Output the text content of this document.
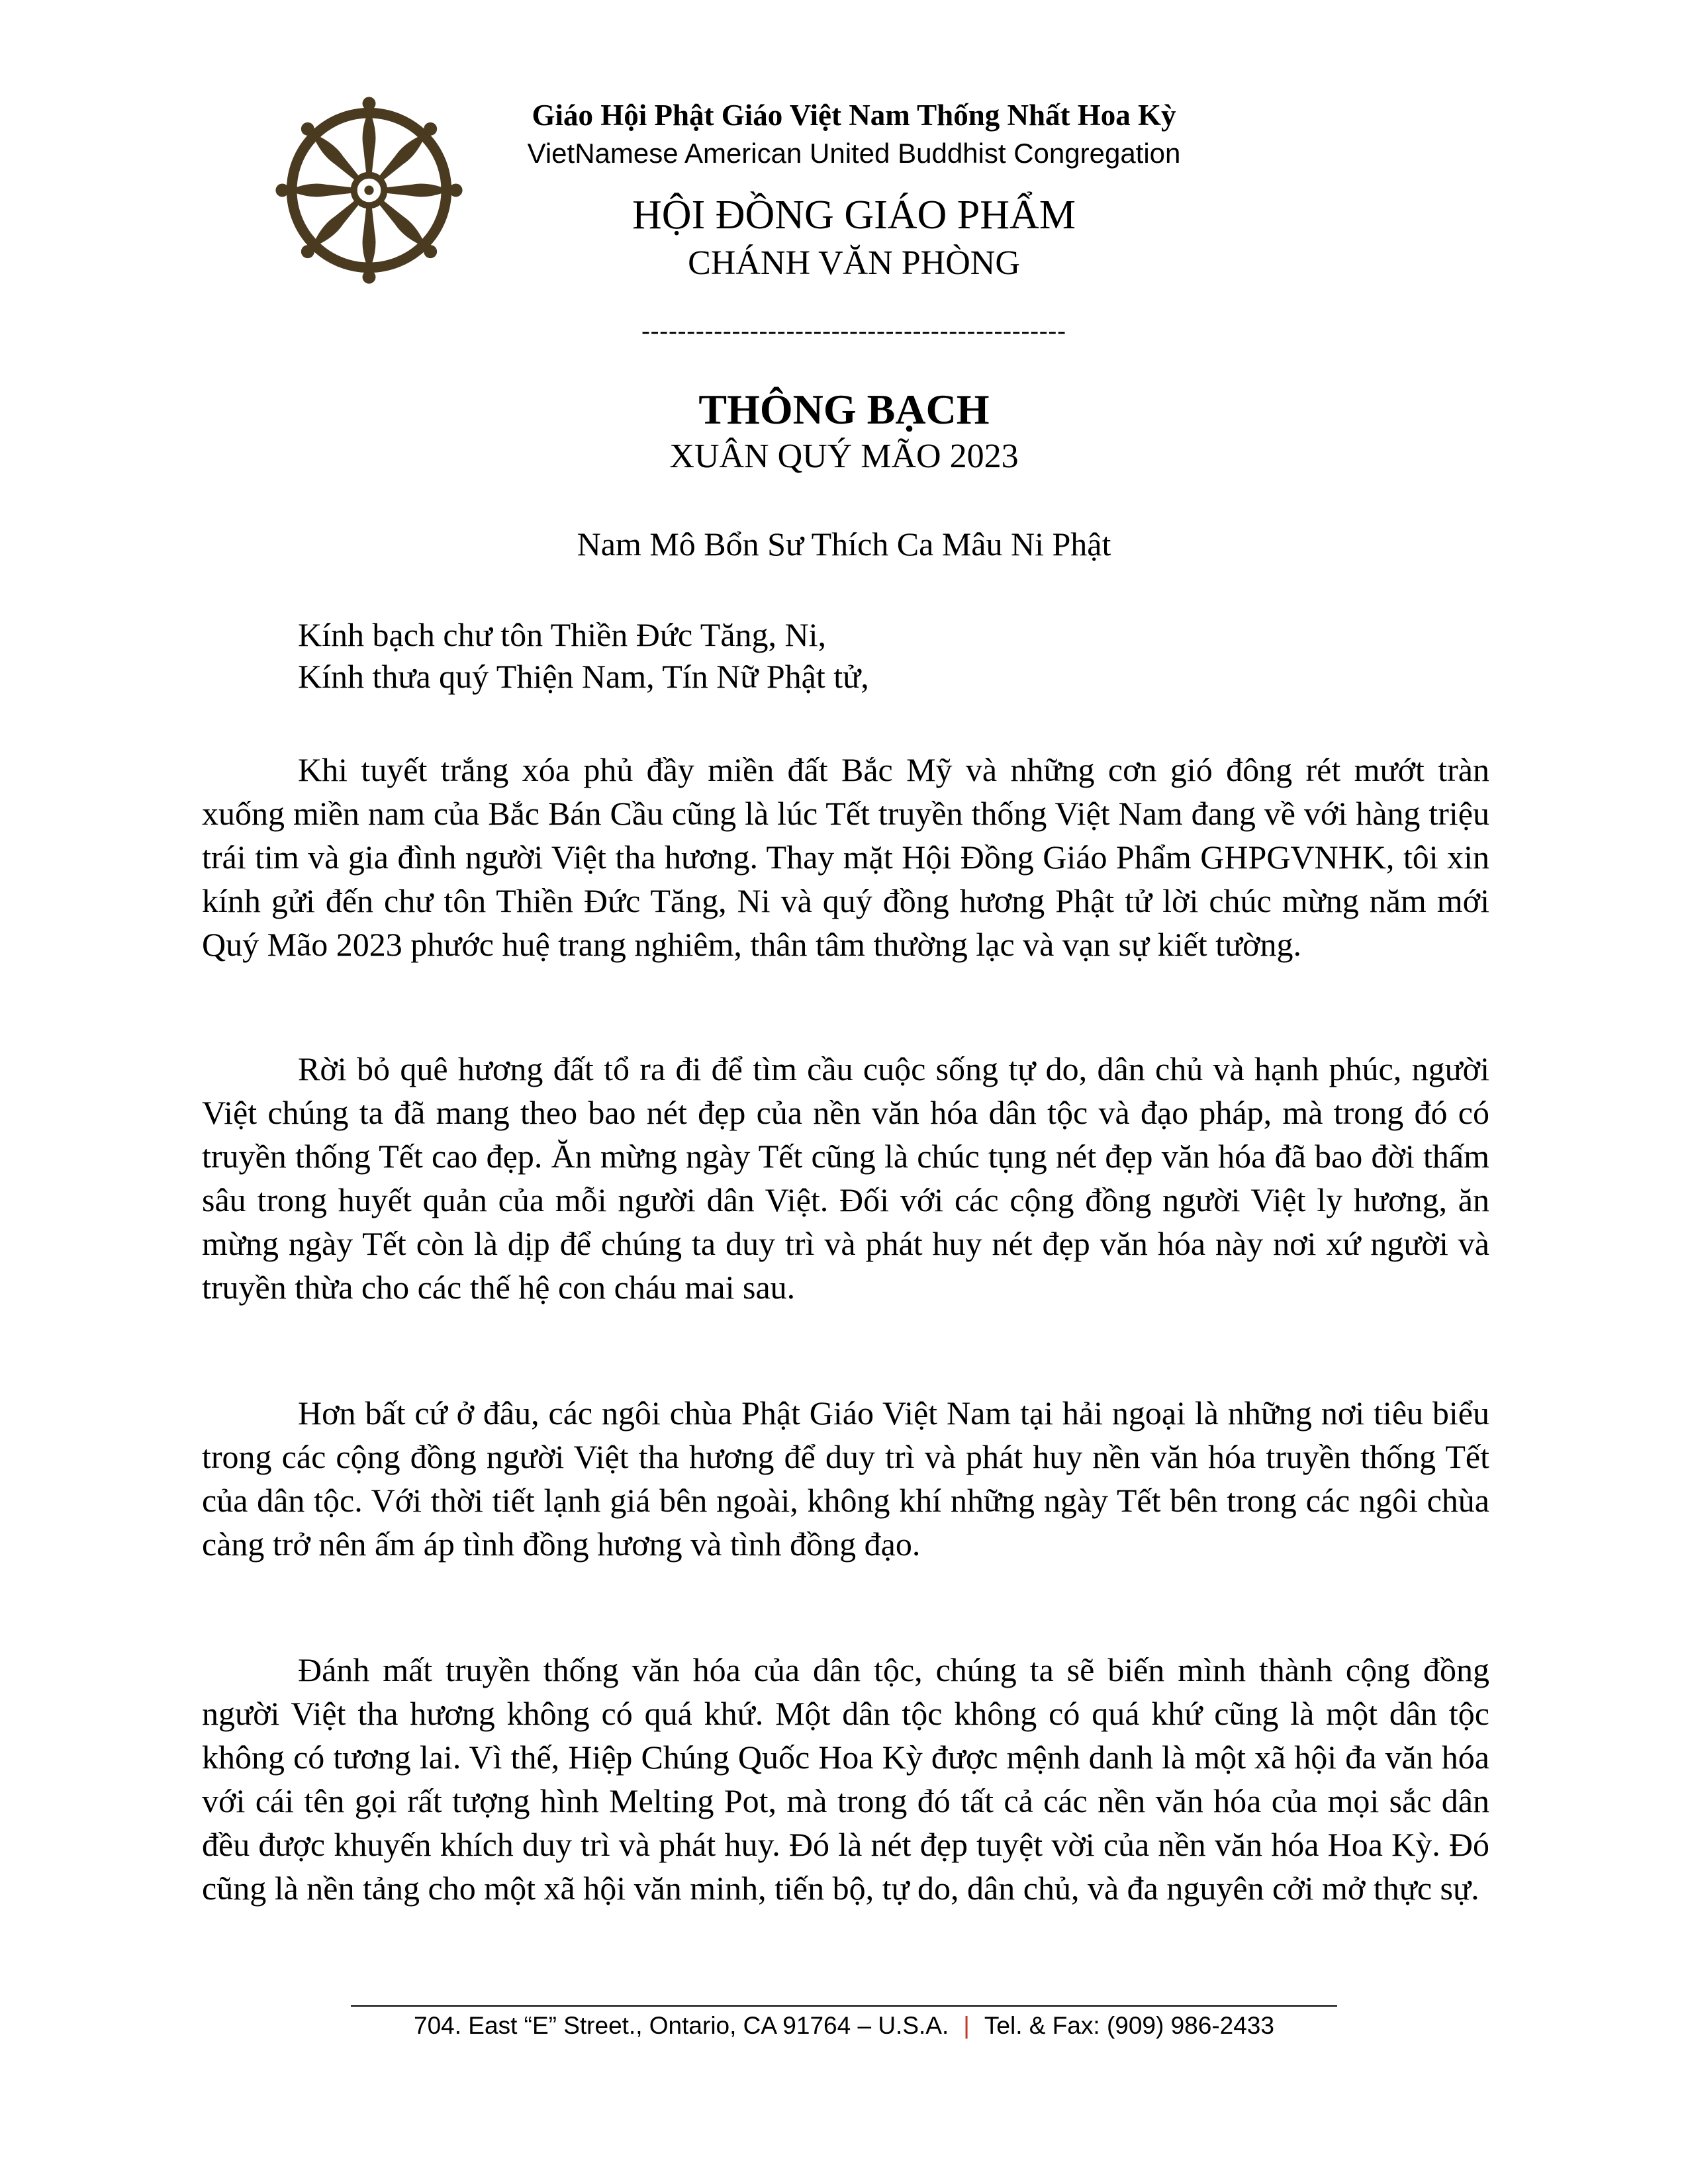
Giáo Hội Phật Giáo Việt Nam Thống Nhất Hoa Kỳ
VietNamese American United Buddhist Congregation
HỘI ĐỒNG GIÁO PHẨM
CHÁNH VĂN PHÒNG
-----------------------------------------------
THÔNG BẠCH
XUÂN QUÝ MÃO 2023
Nam Mô Bổn Sư Thích Ca Mâu Ni Phật
Kính bạch chư tôn Thiền Đức Tăng, Ni,
Kính thưa quý Thiện Nam, Tín Nữ Phật tử,

Khi tuyết trắng xóa phủ đầy miền đất Bắc Mỹ và những cơn gió đông rét mướt tràn xuống miền nam của Bắc Bán Cầu cũng là lúc Tết truyền thống Việt Nam đang về với hàng triệu trái tim và gia đình người Việt tha hương. Thay mặt Hội Đồng Giáo Phẩm GHPGVNHK, tôi xin kính gửi đến chư tôn Thiền Đức Tăng, Ni và quý đồng hương Phật tử lời chúc mừng năm mới Quý Mão 2023 phước huệ trang nghiêm, thân tâm thường lạc và vạn sự kiết tường.

Rời bỏ quê hương đất tổ ra đi để tìm cầu cuộc sống tự do, dân chủ và hạnh phúc, người Việt chúng ta đã mang theo bao nét đẹp của nền văn hóa dân tộc và đạo pháp, mà trong đó có truyền thống Tết cao đẹp. Ăn mừng ngày Tết cũng là chúc tụng nét đẹp văn hóa đã bao đời thấm sâu trong huyết quản của mỗi người dân Việt. Đối với các cộng đồng người Việt ly hương, ăn mừng ngày Tết còn là dịp để chúng ta duy trì và phát huy nét đẹp văn hóa này nơi xứ người và truyền thừa cho các thế hệ con cháu mai sau.

Hơn bất cứ ở đâu, các ngôi chùa Phật Giáo Việt Nam tại hải ngoại là những nơi tiêu biểu trong các cộng đồng người Việt tha hương để duy trì và phát huy nền văn hóa truyền thống Tết của dân tộc. Với thời tiết lạnh giá bên ngoài, không khí những ngày Tết bên trong các ngôi chùa càng trở nên ấm áp tình đồng hương và tình đồng đạo.

Đánh mất truyền thống văn hóa của dân tộc, chúng ta sẽ biến mình thành cộng đồng người Việt tha hương không có quá khứ. Một dân tộc không có quá khứ cũng là một dân tộc không có tương lai. Vì thế, Hiệp Chúng Quốc Hoa Kỳ được mệnh danh là một xã hội đa văn hóa với cái tên gọi rất tượng hình Melting Pot, mà trong đó tất cả các nền văn hóa của mọi sắc dân đều được khuyến khích duy trì và phát huy. Đó là nét đẹp tuyệt vời của nền văn hóa Hoa Kỳ. Đó cũng là nền tảng cho một xã hội văn minh, tiến bộ, tự do, dân chủ, và đa nguyên cởi mở thực sự.

704. East “E” Street., Ontario, CA 91764 – U.S.A. | Tel. & Fax: (909) 986-2433
